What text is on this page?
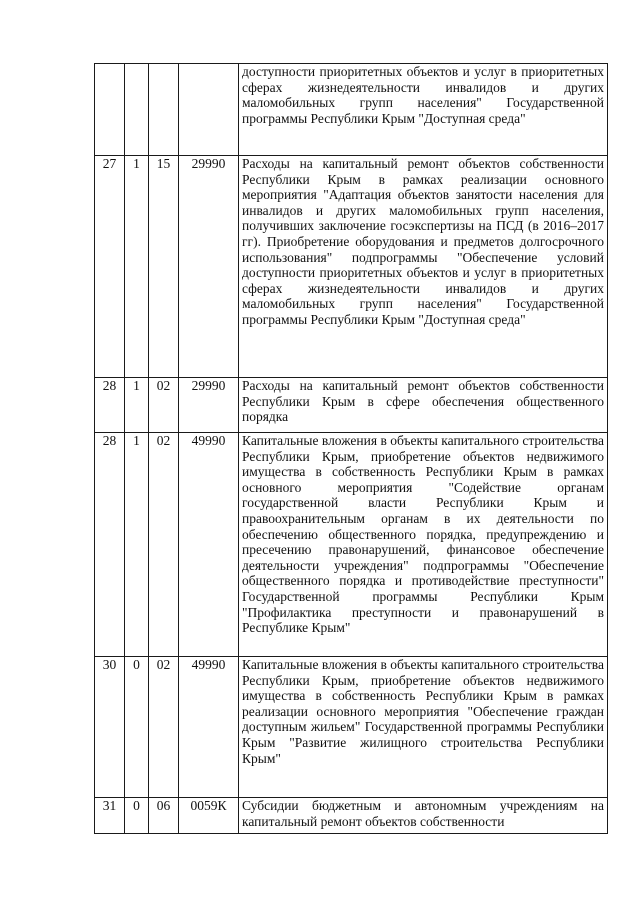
				доступности приоритетных объектов и услуг в приоритетных сферах жизнедеятельности инвалидов и других маломобильных групп населения" Государственной программы Республики Крым "Доступная среда"

27	1	15	29990	Расходы на капитальный ремонт объектов собственности Республики Крым в рамках реализации основного мероприятия "Адаптация объектов занятости населения для инвалидов и других маломобильных групп населения, получивших заключение госэкспертизы на ПСД (в 2016–2017 гг). Приобретение оборудования и предметов долгосрочного использования" подпрограммы "Обеспечение условий доступности приоритетных объектов и услуг в приоритетных сферах жизнедеятельности инвалидов и других маломобильных групп населения" Государственной программы Республики Крым "Доступная среда"

28	1	02	29990	Расходы на капитальный ремонт объектов собственности Республики Крым в сфере обеспечения общественного порядка

28	1	02	49990	Капитальные вложения в объекты капитального строительства Республики Крым, приобретение объектов недвижимого имущества в собственность Республики Крым в рамках основного мероприятия "Содействие органам государственной власти Республики Крым и правоохранительным органам в их деятельности по обеспечению общественного порядка, предупреждению и пресечению правонарушений, финансовое обеспечение деятельности учреждения" подпрограммы "Обеспечение общественного порядка и противодействие преступности" Государственной программы Республики Крым "Профилактика преступности и правонарушений в Республике Крым"

30	0	02	49990	Капитальные вложения в объекты капитального строительства Республики Крым, приобретение объектов недвижимого имущества в собственность Республики Крым в рамках реализации основного мероприятия "Обеспечение граждан доступным жильем" Государственной программы Республики Крым "Развитие жилищного строительства Республики Крым"

31	0	06	0059К	Субсидии бюджетным и автономным учреждениям на капитальный ремонт объектов собственности
